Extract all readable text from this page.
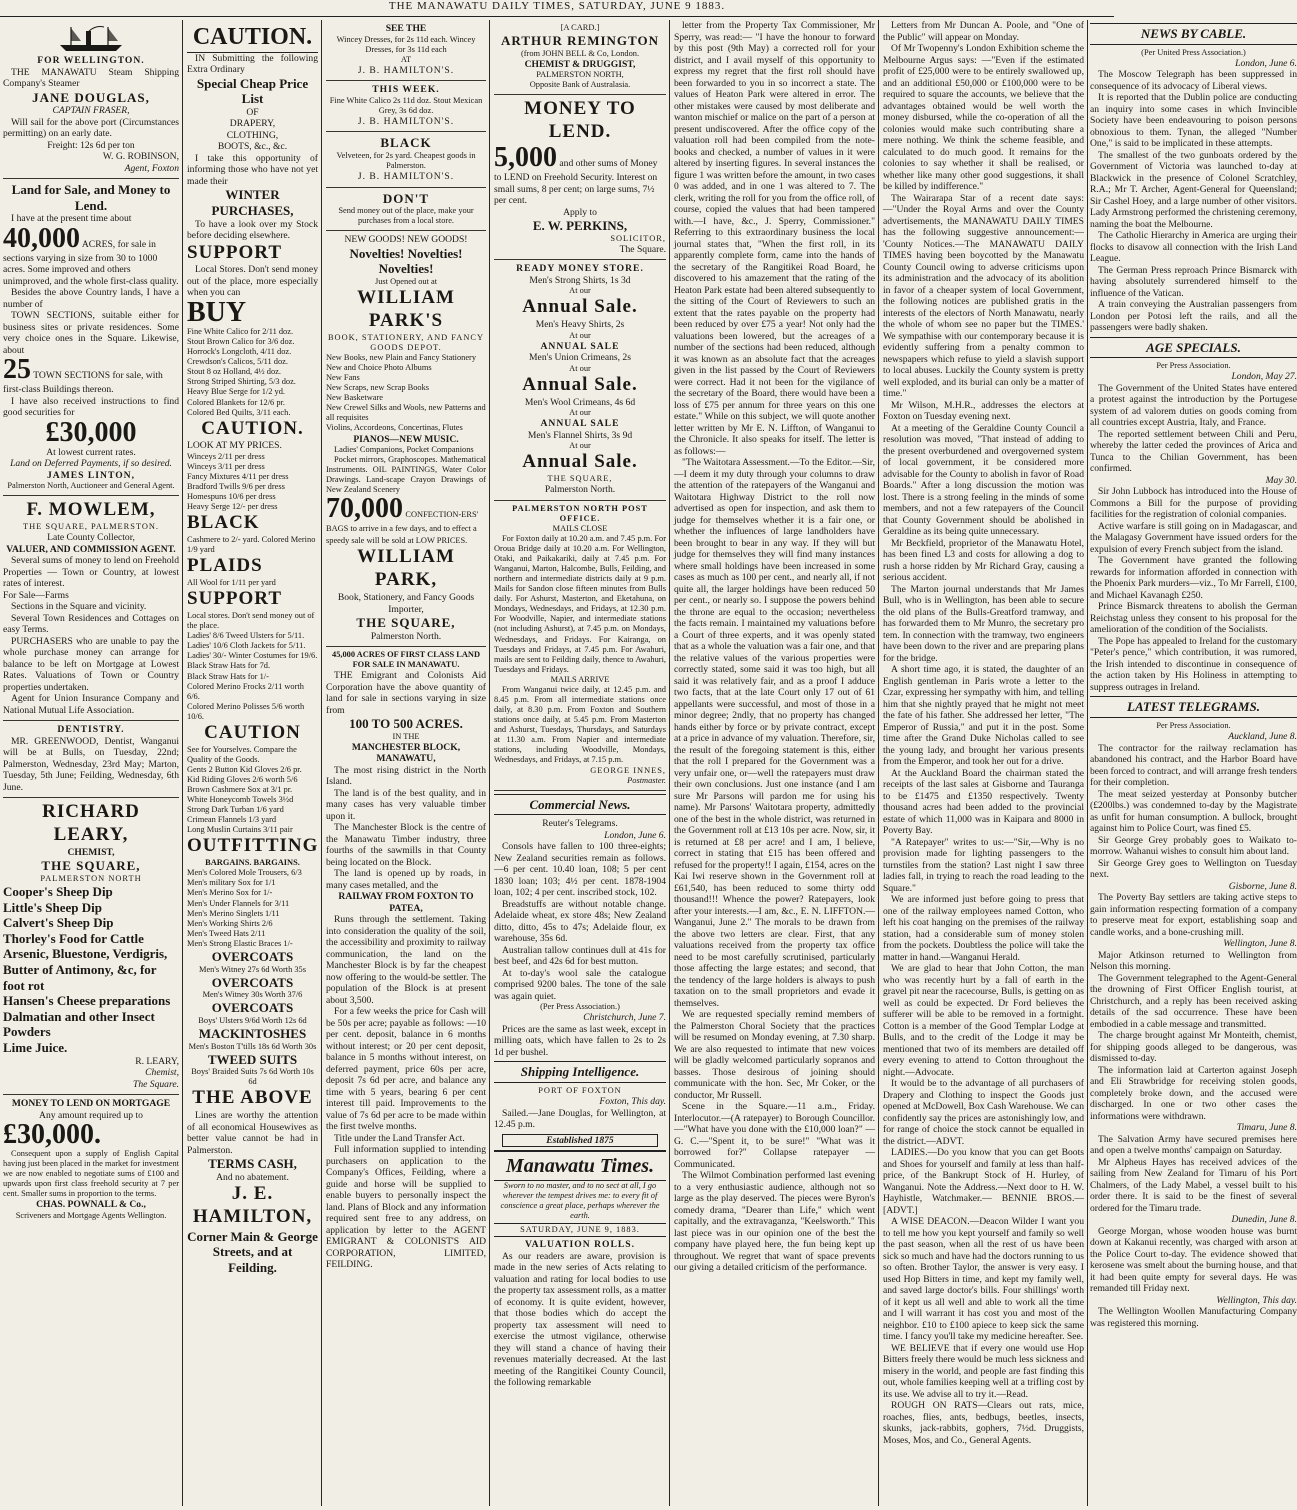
THE MANAWATU DAILY TIMES, SATURDAY, JUNE 9 1883.
FOR WELLINGTON.
THE MANAWATU Steam Shipping Company's Steamer
JANE DOUGLAS,
CAPTAIN FRASER,
Will sail for the above port (Circumstances permitting) on an early date.
Freight: 12s 6d per ton
W. G. ROBINSON,
Agent, Foxton
Land for Sale, and Money to Lend.
I have at the present time about
40,000 ACRES, for sale in sections varying in size from 30 to 1000 acres. Some improved and others unimproved, and the whole first-class quality.
Besides the above Country lands, I have a number of
TOWN SECTIONS, suitable either for business sites or private residences. Some very choice ones in the Square. Likewise, about
25 TOWN SECTIONS for sale, with first-class Buildings thereon.
I have also received instructions to find good securities for
£30,000
At lowest current rates.
Land on Deferred Payments, if so desired.
JAMES LINTON,
Palmerston North, Auctioneer and General Agent.
F. MOWLEM,
THE SQUARE, PALMERSTON.
Late County Collector,
VALUER, AND COMMISSION AGENT.
Several sums of money to lend on Freehold Properties — Town or Country, at lowest rates of interest.
For Sale—Farms
Sections in the Square and vicinity.
Several Town Residences and Cottages on easy Terms.
PURCHASERS who are unable to pay the whole purchase money can arrange for balance to be left on Mortgage at Lowest Rates. Valuations of Town or Country properties undertaken.
Agent for Union Insurance Company and National Mutual Life Association.
DENTISTRY.
MR. GREENWOOD, Dentist, Wanganui will be at Bulls, on Tuesday, 22nd; Palmerston, Wednesday, 23rd May; Marton, Tuesday, 5th June; Feilding, Wednesday, 6th June.
RICHARD LEARY,
CHEMIST,
THE SQUARE,
PALMERSTON NORTH
Cooper's Sheep Dip
Little's Sheep Dip
Calvert's Sheep Dip
Thorley's Food for Cattle
Arsenic, Bluestone, Verdigris, Butter of Antimony, &c, for foot rot
Hansen's Cheese preparations
Dalmatian and other Insect Powders
Lime Juice.
R. LEARY,
Chemist,
The Square.
MONEY TO LEND ON MORTGAGE
Any amount required up to
£30,000.
Consequent upon a supply of English Capital having just been placed in the market for investment we are now enabled to negotiate sums of £100 and upwards upon first class freehold security at 7 per cent. Smaller sums in proportion to the terms.
CHAS. POWNALL & Co.,
Scriveners and Mortgage Agents Wellington.
CAUTION.
IN Submitting the following Extra Ordinary
Special Cheap Price List
OF
DRAPERY,
CLOTHING,
BOOTS, &c., &c.
I take this opportunity of informing those who have not yet made their
WINTER PURCHASES,
To have a look over my Stock before deciding elsewhere.
SUPPORT
Local Stores. Don't send money out of the place, more especially when you can
BUY
Fine White Calico for 2/11 doz.
Stout Brown Calico for 3/6 doz.
Horrock's Longcloth, 4/11 doz.
Crewdson's Calicos, 5/11 doz.
Stout 8 oz Holland, 4½ doz.
Strong Striped Shirting, 5/3 doz.
Heavy Blue Serge for 1/2 yd.
Colored Blankets for 12/6 pr.
Colored Bed Quilts, 3/11 each.
CAUTION.
LOOK AT MY PRICES.
Winceys 2/11 per dress
Winceys 3/11 per dress
Fancy Mixtures 4/11 per dress
Bradford Twills 9/6 per dress
Homespuns 10/6 per dress
Heavy Serge 12/- per dress
BLACK
Cashmere to 2/- yard. Colored Merino 1/9 yard
PLAIDS
All Wool for 1/11 per yard
SUPPORT
Local stores. Don't send money out of the place.
Ladies' 8/6 Tweed Ulsters for 5/11.
Ladies' 10/6 Cloth Jackets for 5/11.
Ladies' 30/- Winter Costumes for 19/6.
Black Straw Hats for 7d.
Black Straw Hats for 1/-
Colored Merino Frocks 2/11 worth 6/6.
Colored Merino Polisses 5/6 worth 10/6.
CAUTION
See for Yourselves. Compare the Quality of the Goods.
Gents 2 Button Kid Gloves 2/6 pr.
Kid Riding Gloves 2/6 worth 5/6
Brown Cashmere Sox at 3/1 pr.
White Honeycomb Towels 3½d
Strong Dark Turban 1/6 yard
Crimean Flannels 1/3 yard
Long Muslin Curtains 3/11 pair
OUTFITTING
BARGAINS. BARGAINS.
Men's Colored Mole Trousers, 6/3
Men's military Sox for 1/1
Men's Merino Sox for 1/-
Men's Under Flannels for 3/11
Men's Merino Singlets 1/11
Men's Working Shirts 2/6
Men's Tweed Hats 2/11
Men's Strong Elastic Braces 1/-
OVERCOATS
Men's Witney 27s 6d Worth 35s
OVERCOATS
Men's Witney 30s Worth 37/6
OVERCOATS
Boys' Ulsters 9/6d Worth 12s 6d
MACKINTOSHES
Men's Boston T'tills 18s 6d Worth 30s
TWEED SUITS
Boys' Braided Suits 7s 6d Worth 10s 6d
THE ABOVE
Lines are worthy the attention of all economical Housewives as better value cannot be had in Palmerston.
TERMS CASH,
And no abatement.
J. E. HAMILTON,
Corner Main & George
Streets, and at Feilding.
SEE THE
Wincey Dresses, for 2s 11d each. Wincey Dresses, for 3s 11d each
AT
J. B. HAMILTON'S.
THIS WEEK.
Fine White Calico 2s 11d doz. Stout Mexican Grey, 3s 6d doz.
J. B. HAMILTON'S.
BLACK
Velveteen, for 2s yard. Cheapest goods in Palmerston.
J. B. HAMILTON'S.
DON'T
Send money out of the place, make your purchases from a local store.
NEW GOODS! NEW GOODS!
Novelties! Novelties!
Novelties!
Just Opened out at
WILLIAM PARK'S
BOOK, STATIONERY, AND FANCY GOODS DEPOT.
New Books, new Plain and Fancy Stationery
New and Choice Photo Albums
New Fans
New Scraps, new Scrap Books
New Basketware
New Crewel Silks and Wools, new Patterns and all requisites
Violins, Accordeons, Concertinas, Flutes
PIANOS—NEW MUSIC.
Ladies' Companions, Pocket Companions
Pocket mirrors, Graphoscopes. Mathematical Instruments. OIL PAINTINGS, Water Color Drawings. Land-scape Crayon Drawings of New Zealand Scenery
70,000 CONFECTION-ERS' BAGS to arrive in a few days, and to effect a speedy sale will be sold at LOW PRICES.
WILLIAM PARK,
Book, Stationery, and Fancy Goods Importer,
THE SQUARE,
Palmerston North.
45,000 ACRES OF FIRST CLASS LAND FOR SALE IN MANAWATU.
THE Emigrant and Colonists Aid Corporation have the above quantity of land for sale in sections varying in size from
100 TO 500 ACRES.
IN THE
MANCHESTER BLOCK, MANAWATU,
The most rising district in the North Island.
The land is of the best quality, and in many cases has very valuable timber upon it.
The Manchester Block is the centre of the Manawatu Timber industry, three fourths of the sawmills in that County being located on the Block.
The land is opened up by roads, in many cases metalled, and the
RAILWAY FROM FOXTON TO PATEA,
Runs through the settlement. Taking into consideration the quality of the soil, the accessibility and proximity to railway communication, the land on the Manchester Block is by far the cheapest now offering to the would-be settler. The population of the Block is at present about 3,500.
For a few weeks the price for Cash will be 50s per acre; payable as follows: —10 per cent. deposit, balance in 6 months without interest; or 20 per cent deposit, balance in 5 months without interest, on deferred payment, price 60s per acre, deposit 7s 6d per acre, and balance any time with 5 years, bearing 6 per cent interest till paid. Improvements to the value of 7s 6d per acre to be made within the first twelve months.
Title under the Land Transfer Act.
Full information supplied to intending purchasers on application to the Company's Offices, Feilding, where a guide and horse will be supplied to enable buyers to personally inspect the land. Plans of Block and any information required sent free to any address, on application by letter to the AGENT EMIGRANT & COLONIST'S AID CORPORATION, LIMITED, FEILDING.
[A CARD.]
ARTHUR REMINGTON
(from JOHN BELL & Co, London.
CHEMIST & DRUGGIST,
PALMERSTON NORTH,
Opposite Bank of Australasia.
MONEY TO LEND.
5,000 and other sums of Money to LEND on Freehold Security. Interest on small sums, 8 per cent; on large sums, 7½ per cent.
Apply to
E. W. PERKINS,
SOLICITOR,
The Square.
READY MONEY STORE.
Men's Strong Shirts, 1s 3d
At our
Annual Sale.
Men's Heavy Shirts, 2s
At our
ANNUAL SALE
Men's Union Crimeans, 2s
At our
Annual Sale.
Men's Wool Crimeans, 4s 6d
At our
ANNUAL SALE
Men's Flannel Shirts, 3s 9d
At our
Annual Sale.
THE SQUARE,
Palmerston North.
PALMERSTON NORTH POST OFFICE.
MAILS CLOSE
For Foxton daily at 10.20 a.m. and 7.45 p.m. For Oroua Bridge daily at 10.20 a.m. For Wellington, Otaki, and Paikakariki, daily at 7.45 p.m. For Wanganui, Marton, Halcombe, Bulls, Feilding, and northern and intermediate districts daily at 9 p.m. Mails for Sandon close fifteen minutes from Bulls daily. For Ashurst, Masterton, and Eketahuna, on Mondays, Wednesdays, and Fridays, at 12.30 p.m. For Woodville, Napier, and intermediate stations (not including Ashurst), at 7.45 p.m. on Mondays, Wednesdays, and Fridays. For Kairanga, on Tuesdays and Fridays, at 7.45 p.m. For Awahuri, mails are sent to Feilding daily, thence to Awahuri, Tuesdays and Fridays.
MAILS ARRIVE
From Wanganui twice daily, at 12.45 p.m. and 8.45 p.m. From all intermediate stations once daily, at 8.30 p.m. From Foxton and Southern stations once daily, at 5.45 p.m. From Masterton and Ashurst, Tuesdays, Thursdays, and Saturdays at 11.30 a.m. From Napier and intermediate stations, including Woodville, Mondays, Wednesdays, and Fridays, at 7.15 p.m.
GEORGE INNES,
Postmaster.
Commercial News.
Reuter's Telegrams.
London, June 6.
Consols have fallen to 100 three-eights; New Zealand securities remain as follows.—6 per cent. 10.40 loan, 108; 5 per cent 1830 loan; 103; 4½ per cent. 1878-1904 loan, 102; 4 per cent. inscribed stock, 102.
Breadstuffs are without notable change. Adelaide wheat, ex store 48s; New Zealand ditto, ditto, 45s to 47s; Adelaide flour, ex warehouse, 35s 6d.
Australian tallow continues dull at 41s for best beef, and 42s 6d for best mutton.
At to-day's wool sale the catalogue comprised 9200 bales. The tone of the sale was again quiet.
(Per Press Association.)
Christchurch, June 7.
Prices are the same as last week, except in milling oats, which have fallen to 2s to 2s 1d per bushel.
Shipping Intelligence.
PORT OF FOXTON
Foxton, This day.
Sailed.—Jane Douglas, for Wellington, at 12.45 p.m.
Established 1875
Manawatu Times.
Sworn to no master, and to no sect at all, I go wherever the tempest drives me: to every fit of conscience a great place, perhaps wherever the earth.
SATURDAY, JUNE 9, 1883.
VALUATION ROLLS.
As our readers are aware, provision is made in the new series of Acts relating to valuation and rating for local bodies to use the property tax assessment rolls, as a matter of economy. It is quite evident, however, that those bodies which do accept the property tax assessment will need to exercise the utmost vigilance, otherwise they will stand a chance of having their revenues materially decreased. At the last meeting of the Rangitikei County Council, the following remarkable
letter from the Property Tax Commissioner, Mr Sperry, was read:— "I have the honour to forward by this post (9th May) a corrected roll for your district, and I avail myself of this opportunity to express my regret that the first roll should have been forwarded to you in so incorrect a state. The values of Heaton Park were altered in error. The other mistakes were caused by most deliberate and wanton mischief or malice on the part of a person at present undiscovered. After the office copy of the valuation roll had been compiled from the note-books and checked, a number of values in it were altered by inserting figures. In several instances the figure 1 was written before the amount, in two cases 0 was added, and in one 1 was altered to 7. The clerk, writing the roll for you from the office roll, of course, copied the values that had been tampered with.—I have, &c., J. Sperry, Commissioner." Referring to this extraordinary business the local journal states that, "When the first roll, in its apparently complete form, came into the hands of the secretary of the Rangitikei Road Board, he discovered to his amazement that the rating of the Heaton Park estate had been altered subsequently to the sitting of the Court of Reviewers to such an extent that the rates payable on the property had been reduced by over £75 a year! Not only had the valuations been lowered, but the acreages of a number of the sections had been reduced, although it was known as an absolute fact that the acreages given in the list passed by the Court of Reviewers were correct. Had it not been for the vigilance of the secretary of the Board, there would have been a loss of £75 per annum for three years on this one estate." While on this subject, we will quote another letter written by Mr E. N. Liffton, of Wanganui to the Chronicle. It also speaks for itself. The letter is as follows:—
"The Waitotara Assessment.—To the Editor.—Sir,—I deem it my duty through your columns to draw the attention of the ratepayers of the Wanganui and Waitotara Highway District to the roll now advertised as open for inspection, and ask them to judge for themselves whether it is a fair one, or whether the influences of large landholders have been brought to bear in any way. If they will but judge for themselves they will find many instances where small holdings have been increased in some cases as much as 100 per cent., and nearly all, if not quite all, the larger holdings have been reduced 50 per cent., or nearly so. I suppose the powers behind the throne are equal to the occasion; nevertheless the facts remain. I maintained my valuations before a Court of three experts, and it was openly stated that as a whole the valuation was a fair one, and that the relative values of the various properties were correctly stated, some said it was too high, but all said it was relatively fair, and as a proof I adduce two facts, that at the late Court only 17 out of 61 appellants were successful, and most of those in a minor degree; 2ndly, that no property has changed hands either by force or by private contract, except at a price in advance of my valuation. Therefore, sir, the result of the foregoing statement is this, either that the roll I prepared for the Government was a very unfair one, or—well the ratepayers must draw their own conclusions. Just one instance (and I am sure Mr Parsons will pardon me for using his name). Mr Parsons' Waitotara property, admittedly one of the best in the whole district, was returned in the Government roll at £13 10s per acre. Now, sir, it is returned at £8 per acre! and I am, I believe, correct in stating that £15 has been offered and refused for the property!! I again, £154, acres on the Kai Iwi reserve shown in the Government roll at £61,540, has been reduced to some thirty odd thousand!!! Whence the power? Ratepayers, look after your interests.—I am, &c., E. N. LIFFTON.— Wanganui, June 2." The morals to be drawn from the above two letters are clear. First, that any valuations received from the property tax office need to be most carefully scrutinised, particularly those affecting the large estates; and second, that the tendency of the large holders is always to push taxation on to the small proprietors and evade it themselves.
We are requested specially remind members of the Palmerston Choral Society that the practices will be resumed on Monday evening, at 7.30 sharp. We are also requested to intimate that new voices will be gladly welcomed particularly sopranos and basses. Those desirous of joining should communicate with the hon. Sec, Mr Coker, or the conductor, Mr Russell.
Scene in the Square.—11 a.m., Friday. Interlocutor.—(A ratepayer) to Borough Councillor.—"What have you done with the £10,000 loan?" — G. C.—"Spent it, to be sure!" "What was it borrowed for?" Collapse ratepayer — Communicated.
The Wilmot Combination performed last evening to a very enthusiastic audience, although not so large as the play deserved. The pieces were Byron's comedy drama, "Dearer than Life," which went capitally, and the extravaganza, "Keelsworth." This last piece was in our opinion one of the best the company have played here, the fun being kept up throughout. We regret that want of space prevents our giving a detailed criticism of the performance.
Letters from Mr Duncan A. Poole, and "One of the Public" will appear on Monday.
Of Mr Twopenny's London Exhibition scheme the Melbourne Argus says: —"Even if the estimated profit of £25,000 were to be entirely swallowed up, and an additional £50,000 or £100,000 were to be required to square the accounts, we believe that the advantages obtained would be well worth the money disbursed, while the co-operation of all the colonies would make such contributing share a mere nothing. We think the scheme feasible, and calculated to do much good. It remains for the colonies to say whether it shall be realised, or whether like many other good suggestions, it shall be killed by indifference."
The Wairarapa Star of a recent date says:—"Under the Royal Arms and over the County advertisements, the MANAWATU DAILY TIMES has the following suggestive announcement:— 'County Notices.—The MANAWATU DAILY TIMES having been boycotted by the Manawatu County Council owing to adverse criticisms upon its administration and the advocacy of its abolition in favor of a cheaper system of local Government, the following notices are published gratis in the interests of the electors of North Manawatu, nearly the whole of whom see no paper but the TIMES.' We sympathise with our contemporary because it is evidently suffering from a penalty common to newspapers which refuse to yield a slavish support to local abuses. Luckily the County system is pretty well exploded, and its burial can only be a matter of time."
Mr Wilson, M.H.R., addresses the electors at Foxton on Tuesday evening next.
At a meeting of the Geraldine County Council a resolution was moved, "That instead of adding to the present overburdened and overgoverned system of local government, it be considered more advisable for the County to abolish in favor of Road Boards." After a long discussion the motion was lost. There is a strong feeling in the minds of some members, and not a few ratepayers of the Council that County Government should be abolished in Geraldine as its being quite unnecessary.
Mr Beckfield, proprietor of the Manawatu Hotel, has been fined L3 and costs for allowing a dog to rush a horse ridden by Mr Richard Gray, causing a serious accident.
The Marton journal understands that Mr James Bull, who is in Wellington, has been able to secure the old plans of the Bulls-Greatford tramway, and has forwarded them to Mr Munro, the secretary pro tem. In connection with the tramway, two engineers have been down to the river and are preparing plans for the bridge.
A short time ago, it is stated, the daughter of an English gentleman in Paris wrote a letter to the Czar, expressing her sympathy with him, and telling him that she nightly prayed that he might not meet the fate of his father. She addressed her letter, "The Emperor of Russia," and put it in the post. Some time after the Grand Duke Nicholas called to see the young lady, and brought her various presents from the Emperor, and took her out for a drive.
At the Auckland Board the chairman stated the receipts of the last sales at Gisborne and Tauranga to be £1475 and £1350 respectively. Twenty thousand acres had been added to the provincial estate of which 11,000 was in Kaipara and 8000 in Poverty Bay.
"A Ratepayer" writes to us:—"Sir,—Why is no provision made for lighting passengers to the turnstiles from the station? Last night I saw three ladies fall, in trying to reach the road leading to the Square."
We are informed just before going to press that one of the railway employees named Cotton, who left his coat hanging on the premises of the railway station, had a considerable sum of money stolen from the pockets. Doubtless the police will take the matter in hand.—Wanganui Herald.
We are glad to hear that John Cotton, the man who was recently hurt by a fall of earth in the gravel pit near the racecourse, Bulls, is getting on as well as could be expected. Dr Ford believes the sufferer will be able to be removed in a fortnight. Cotton is a member of the Good Templar Lodge at Bulls, and to the credit of the Lodge it may be mentioned that two of its members are detailed off every evening to attend to Cotton throughout the night.—Advocate.
It would be to the advantage of all purchasers of Drapery and Clothing to inspect the Goods just opened at McDowell, Box Cash Warehouse. We can confidently say the prices are astonishingly low, and for range of choice the stock cannot be equalled in the district.—ADVT.
LADIES.—Do you know that you can get Boots and Shoes for yourself and family at less than half-price, of the Bankrupt Stock of H. Hurley, of Wanganui. Note the Address.—Next door to H. W. Hayhistle, Watchmaker.— BENNIE BROS.—[ADVT.]
A WISE DEACON.—Deacon Wilder I want you to tell me how you kept yourself and family so well the past season, when all the rest of us have been sick so much and have had the doctors running to us so often. Brother Taylor, the answer is very easy. I used Hop Bitters in time, and kept my family well, and saved large doctor's bills. Four shillings' worth of it kept us all well and able to work all the time and I will warrant it has cost you and most of the neighbor. £10 to £100 apiece to keep sick the same time. I fancy you'll take my medicine hereafter. See.
WE BELIEVE that if every one would use Hop Bitters freely there would be much less sickness and misery in the world, and people are fast finding this out, whole families keeping well at a trifling cost by its use. We advise all to try it.—Read.
ROUGH ON RATS—Clears out rats, mice, roaches, flies, ants, bedbugs, beetles, insects, skunks, jack-rabbits, gophers, 7½d. Druggists, Moses, Mos, and Co., General Agents.
NEWS BY CABLE.
(Per United Press Association.)
London, June 6.
The Moscow Telegraph has been suppressed in consequence of its advocacy of Liberal views.
It is reported that the Dublin police are conducting an inquiry into some cases in which Invincible Society have been endeavouring to poison persons obnoxious to them. Tynan, the alleged "Number One," is said to be implicated in these attempts.
The smallest of the two gunboats ordered by the Government of Victoria was launched to-day at Blackwick in the presence of Colonel Scratchley, R.A.; Mr T. Archer, Agent-General for Queensland; Sir Cashel Hoey, and a large number of other visitors. Lady Armstrong performed the christening ceremony, naming the boat the Melbourne.
The Catholic Hierarchy in America are urging their flocks to disavow all connection with the Irish Land League.
The German Press reproach Prince Bismarck with having absolutely surrendered himself to the influence of the Vatican.
A train conveying the Australian passengers from London per Potosi left the rails, and all the passengers were badly shaken.
AGE SPECIALS.
Per Press Association.
London, May 27.
The Government of the United States have entered a protest against the introduction by the Portugese system of ad valorem duties on goods coming from all countries except Austria, Italy, and France.
The reported settlement between Chili and Peru, whereby the latter ceded the provinces of Arica and Tunca to the Chilian Government, has been confirmed.
May 30.
Sir John Lubbock has introduced into the House of Commons a Bill for the purpose of providing facilities for the registration of colonial companies.
Active warfare is still going on in Madagascar, and the Malagasy Government have issued orders for the expulsion of every French subject from the island.
The Government have granted the following rewards for information afforded in connection with the Phoenix Park murders—viz., To Mr Farrell, £100, and Michael Kavanagh £250.
Prince Bismarck threatens to abolish the German Reichstag unless they consent to his proposal for the amelioration of the condition of the Socialists.
The Pope has appealed to Ireland for the customary "Peter's pence," which contribution, it was rumored, the Irish intended to discontinue in consequence of the action taken by His Holiness in attempting to suppress outrages in Ireland.
LATEST TELEGRAMS.
Per Press Association.
Auckland, June 8.
The contractor for the railway reclamation has abandoned his contract, and the Harbor Board have been forced to contract, and will arrange fresh tenders for their completion.
The meat seized yesterday at Ponsonby butcher (£200lbs.) was condemned to-day by the Magistrate as unfit for human consumption. A bullock, brought against him to Police Court, was fined £5.
Sir George Grey probably goes to Waikato to-morrow. Wahanui wishes to consult him about land.
Sir George Grey goes to Wellington on Tuesday next.
Gisborne, June 8.
The Poverty Bay settlers are taking active steps to gain information respecting formation of a company to preserve meat for export, establishing soap and candle works, and a bone-crushing mill.
Wellington, June 8.
Major Atkinson returned to Wellington from Nelson this morning.
The Government telegraphed to the Agent-General the drowning of First Officer English tourist, at Christchurch, and a reply has been received asking details of the sad occurrence. These have been embodied in a cable message and transmitted.
The charge brought against Mr Monteith, chemist, for shipping goods alleged to be dangerous, was dismissed to-day.
The information laid at Carterton against Joseph and Eli Strawbridge for receiving stolen goods, completely broke down, and the accused were discharged. In one or two other cases the informations were withdrawn.
Timaru, June 8.
The Salvation Army have secured premises here and open a twelve months' campaign on Saturday.
Mr Alpheus Hayes has received advices of the sailing from New Zealand for Timaru of his Port Chalmers, of the Lady Mabel, a vessel built to his order there. It is said to be the finest of several ordered for the Timaru trade.
Dunedin, June 8.
George Morgan, whose wooden house was burnt down at Kakanui recently, was charged with arson at the Police Court to-day. The evidence showed that kerosene was smelt about the burning house, and that it had been quite empty for several days. He was remanded till Friday next.
Wellington, This day.
The Wellington Woollen Manufacturing Company was registered this morning.
